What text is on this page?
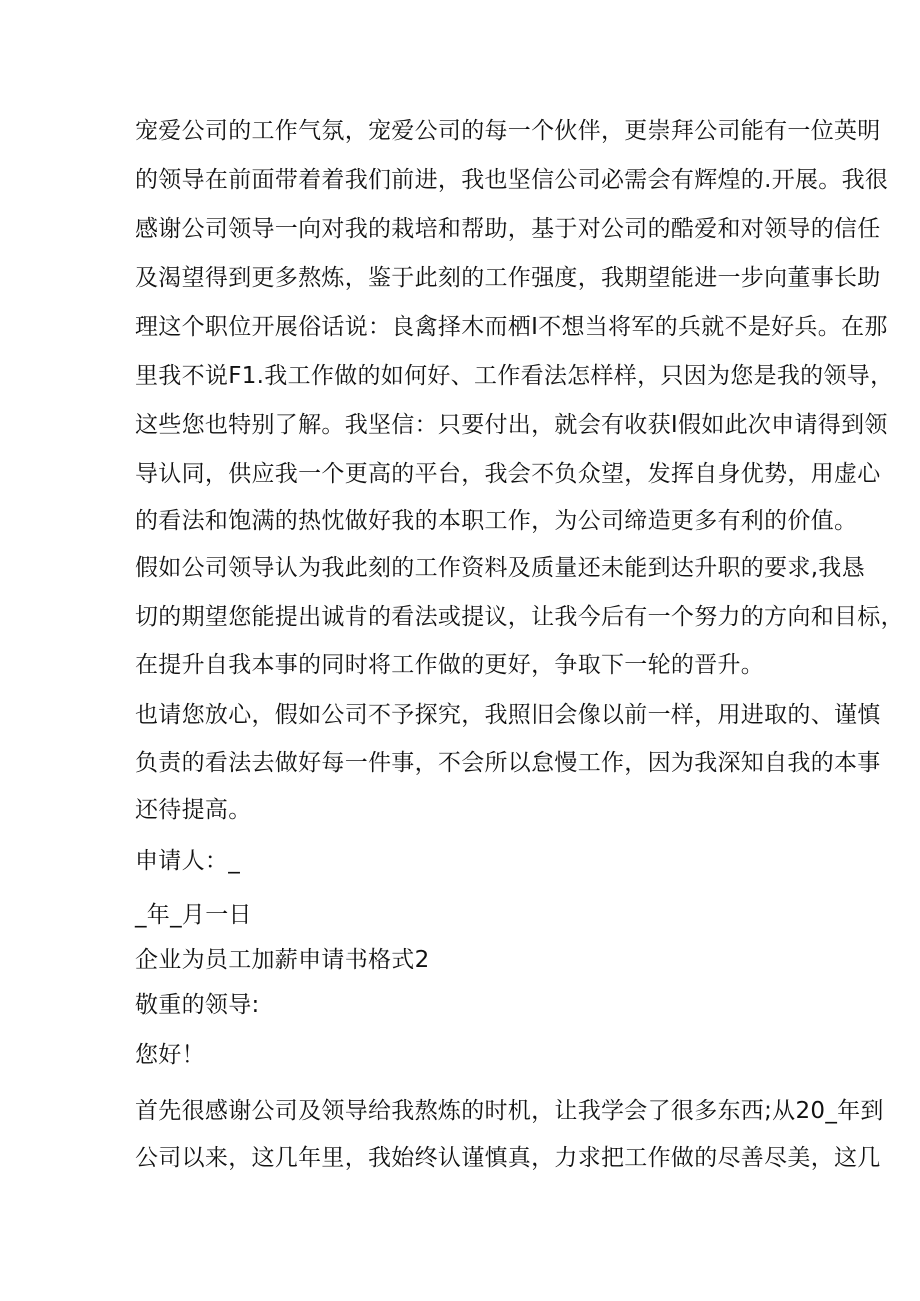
宠爱公司的工作气氛，宠爱公司的每一个伙伴，更崇拜公司能有一位英明
的领导在前面带着着我们前进，我也坚信公司必需会有辉煌的.开展。我很
感谢公司领导一向对我的栽培和帮助，基于对公司的酷爱和对领导的信任
及渴望得到更多熬炼，鉴于此刻的工作强度，我期望能进一步向董事长助
理这个职位开展俗话说：良禽择木而栖I不想当将军的兵就不是好兵。在那
里我不说F1.我工作做的如何好、工作看法怎样样，只因为您是我的领导，
这些您也特别了解。我坚信：只要付出，就会有收获I假如此次申请得到领
导认同，供应我一个更高的平台，我会不负众望，发挥自身优势，用虚心
的看法和饱满的热忱做好我的本职工作，为公司缔造更多有利的价值。
假如公司领导认为我此刻的工作资料及质量还未能到达升职的要求,我恳
切的期望您能提出诚肯的看法或提议，让我今后有一个努力的方向和目标，
在提升自我本事的同时将工作做的更好，争取下一轮的晋升。
也请您放心，假如公司不予探究，我照旧会像以前一样，用进取的、谨慎
负责的看法去做好每一件事，不会所以怠慢工作，因为我深知自我的本事
还待提高。
申请人：_
_年_月一日
企业为员工加薪申请书格式2
敬重的领导:
您好！
首先很感谢公司及领导给我熬炼的时机，让我学会了很多东西;从20_年到
公司以来，这几年里，我始终认谨慎真，力求把工作做的尽善尽美，这几
